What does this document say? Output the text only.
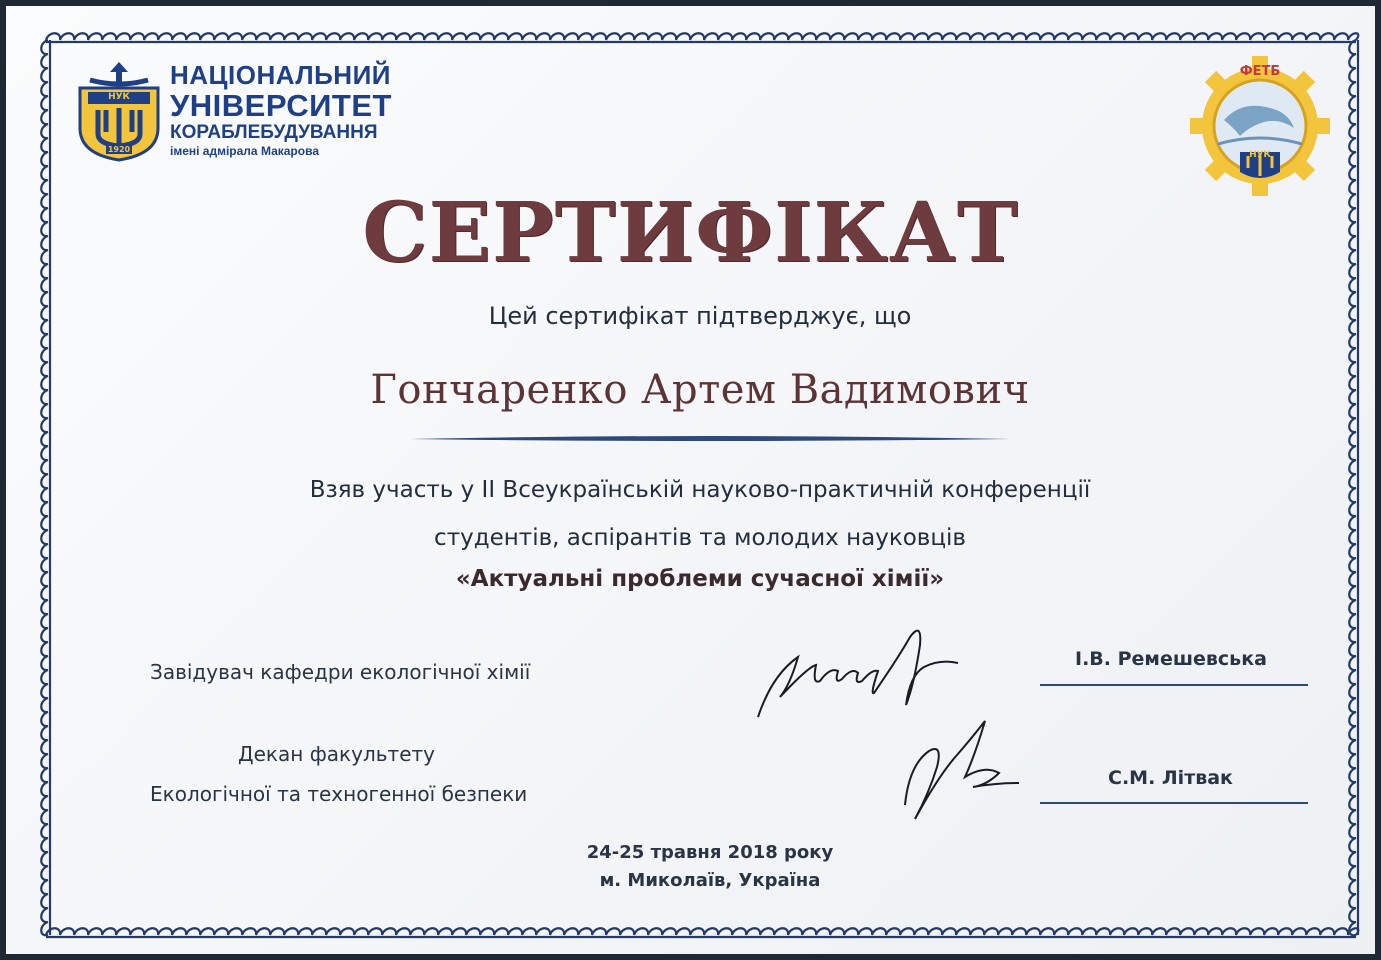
НУК
1920
НАЦІОНАЛЬНИЙ
УНІВЕРСИТЕТ
КОРАБЛЕБУДУВАННЯ
імені адмірала Макарова
ФЕТБ
НУК
СЕРТИФІКАТ
Цей сертифікат підтверджує, що
Гончаренко Артем Вадимович
Взяв участь у ІІ Всеукраїнській науково-практичній конференції
студентів, аспірантів та молодих науковців
«Актуальні проблеми сучасної хімії»
Завідувач кафедри екологічної хімії
І.В. Ремешевська
Декан факультету
Екологічної та техногенної безпеки
С.М. Літвак
24-25 травня 2018 року
м. Миколаїв, Україна
